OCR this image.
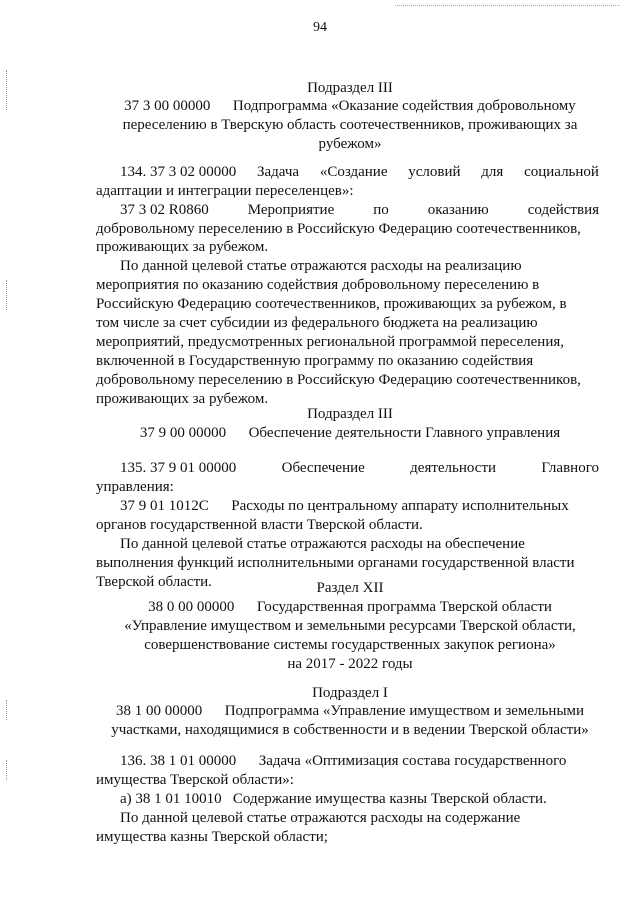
94
Подраздел III
37 3 00 00000      Подпрограмма «Оказание содействия добровольному
переселению в Тверскую область соотечественников, проживающих за
рубежом»
134. 37 3 02 00000 Задача «Создание условий для социальной
адаптации и интеграции переселенцев»:
37 3 02 R0860	Мероприятие	по	оказанию	содействия
добровольному переселению в Российскую Федерацию соотечественников,
проживающих за рубежом.
По данной целевой статье отражаются расходы на реализацию
мероприятия по оказанию содействия добровольному переселению в
Российскую Федерацию соотечественников, проживающих за рубежом, в
том числе за счет субсидии из федерального бюджета на реализацию
мероприятий, предусмотренных региональной программой переселения,
включенной в Государственную программу по оказанию содействия
добровольному переселению в Российскую Федерацию соотечественников,
проживающих за рубежом.
Подраздел III
37 9 00 00000      Обеспечение деятельности Главного управления
135. 37 9 01 00000	Обеспечение	деятельности	Главного
управления:
37 9 01 1012С      Расходы по центральному аппарату исполнительных
органов государственной власти Тверской области.
По данной целевой статье отражаются расходы на обеспечение
выполнения функций исполнительными органами государственной власти
Тверской области.	Раздел XII
38 0 00 00000      Государственная программа Тверской области
«Управление имуществом и земельными ресурсами Тверской области,
совершенствование системы государственных закупок региона»
на 2017 - 2022 годы
Подраздел I
38 1 00 00000      Подпрограмма «Управление имуществом и земельными
участками, находящимися в собственности и в ведении Тверской области»
136. 38 1 01 00000      Задача «Оптимизация состава государственного
имущества Тверской области»:
а) 38 1 01 10010   Содержание имущества казны Тверской области.
По данной целевой статье отражаются расходы на содержание
имущества казны Тверской области;
